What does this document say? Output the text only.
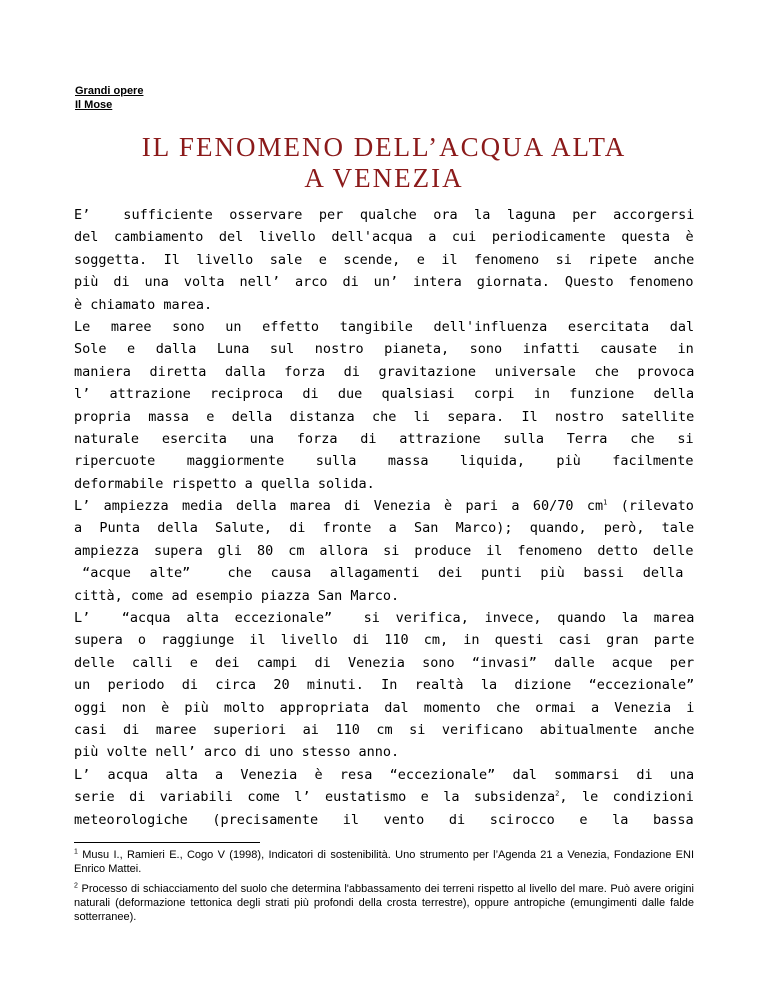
Grandi opere
Il Mose
IL FENOMENO DELL’ACQUA ALTA
A VENEZIA
E’  sufficiente osservare per qualche ora la laguna per accorgersi
del cambiamento del livello dell'acqua a cui periodicamente questa è
soggetta. Il livello sale e scende, e il fenomeno si ripete anche
più di una volta nell’ arco di un’ intera giornata. Questo fenomeno
è chiamato marea.
Le maree sono un effetto tangibile dell'influenza esercitata dal
Sole e dalla Luna sul nostro pianeta, sono infatti causate in
maniera diretta dalla forza di gravitazione universale che provoca
l’ attrazione reciproca di due qualsiasi corpi in funzione della
propria massa e della distanza che li separa. Il nostro satellite
naturale esercita una forza di attrazione sulla Terra che si
ripercuote maggiormente sulla massa liquida, più facilmente
deformabile rispetto a quella solida.
L’ ampiezza media della marea di Venezia è pari a 60/70 $cm^1$ (rilevato
a Punta della Salute, di fronte a San Marco); quando, però, tale
ampiezza supera gli 80 cm allora si produce il fenomeno detto delle
“acque alte”  che causa allagamenti dei punti più bassi della
città, come ad esempio piazza San Marco.
L’  “acqua alta eccezionale”  si verifica, invece, quando la marea
supera o raggiunge il livello di 110 cm, in questi casi gran parte
delle calli e dei campi di Venezia sono “invasi” dalle acque per
un periodo di circa 20 minuti. In realtà la dizione “eccezionale”
oggi non è più molto appropriata dal momento che ormai a Venezia i
casi di maree superiori ai 110 cm si verificano abitualmente anche
più volte nell’ arco di uno stesso anno.
L’ acqua alta a Venezia è resa “eccezionale” dal sommarsi di una
serie di variabili come l’ eustatismo e la subsidenza$^2$, le condizioni
meteorologiche (precisamente il vento di scirocco e la bassa
$^1$ Musu I., Ramieri E., Cogo V (1998), Indicatori di sostenibilità. Uno strumento per l’Agenda 21 a Venezia, Fondazione ENI Enrico Mattei.
$^2$ Processo di schiacciamento del suolo che determina l'abbassamento dei terreni rispetto al livello del mare. Può avere origini naturali (deformazione tettonica degli strati più profondi della crosta terrestre), oppure antropiche (emungimenti dalle falde sotterranee).
